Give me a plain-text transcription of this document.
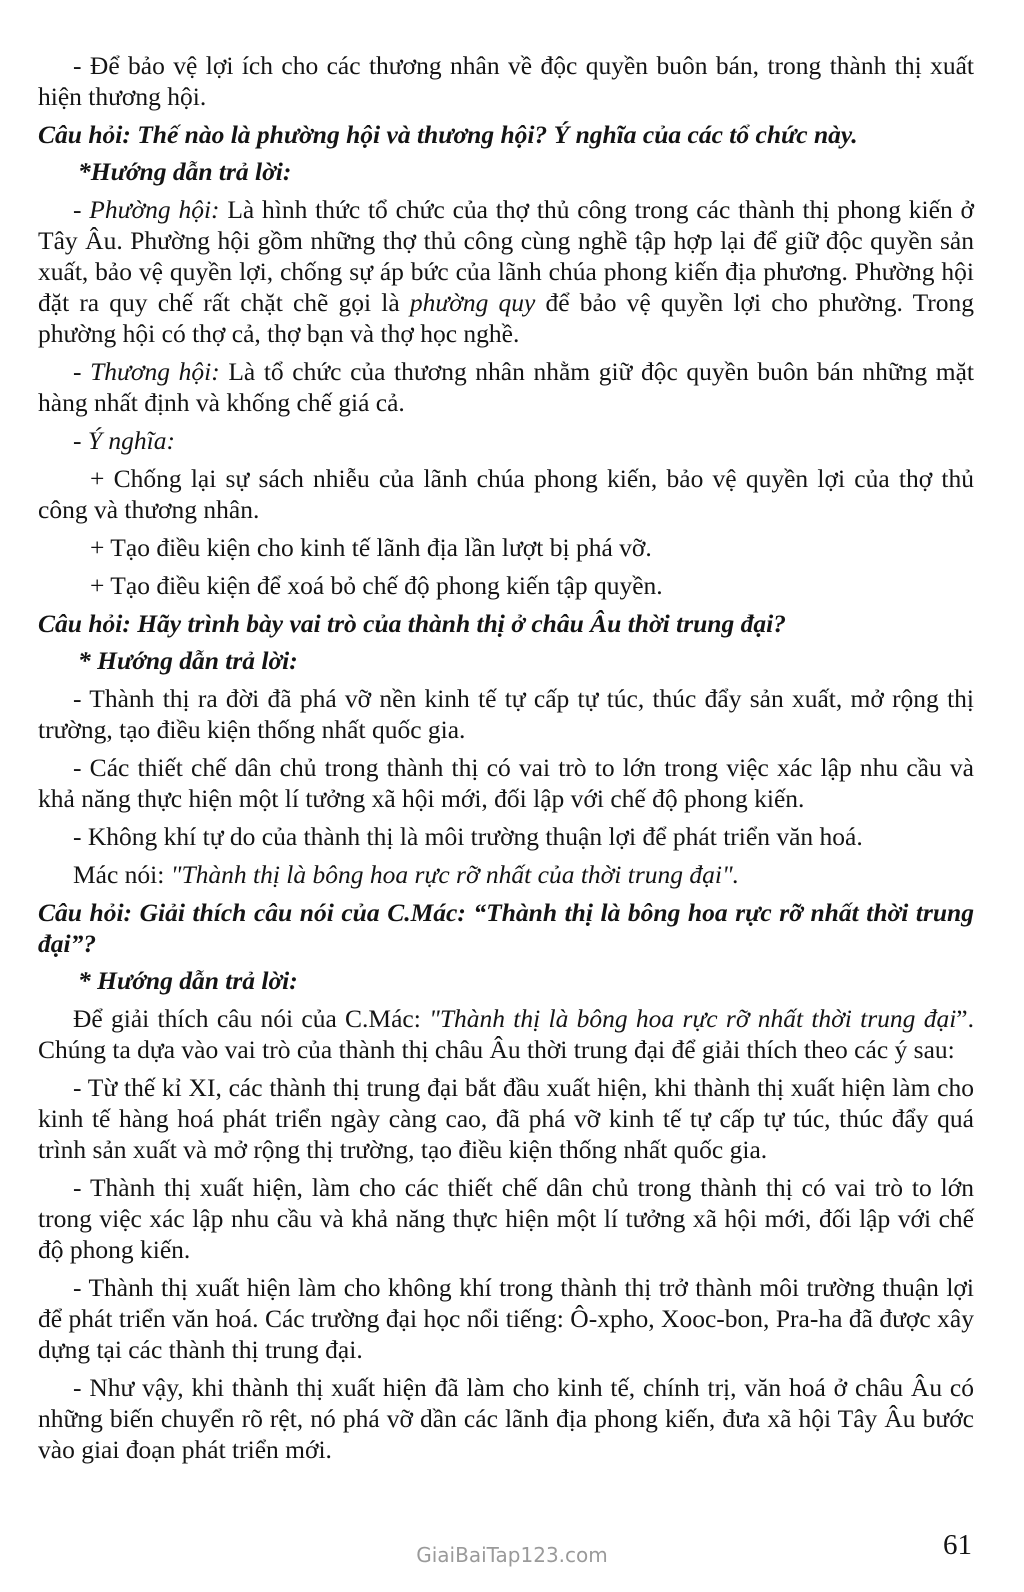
- Để bảo vệ lợi ích cho các thương nhân về độc quyền buôn bán, trong thành thị xuất hiện thương hội.

Câu hỏi: Thế nào là phường hội và thương hội? Ý nghĩa của các tổ chức này.

*Hướng dẫn trả lời:

- Phường hội: Là hình thức tổ chức của thợ thủ công trong các thành thị phong kiến ở Tây Âu. Phường hội gồm những thợ thủ công cùng nghề tập hợp lại để giữ độc quyền sản xuất, bảo vệ quyền lợi, chống sự áp bức của lãnh chúa phong kiến địa phương. Phường hội đặt ra quy chế rất chặt chẽ gọi là phường quy để bảo vệ quyền lợi cho phường. Trong phường hội có thợ cả, thợ bạn và thợ học nghề.

- Thương hội: Là tổ chức của thương nhân nhằm giữ độc quyền buôn bán những mặt hàng nhất định và khống chế giá cả.

- Ý nghĩa:

+ Chống lại sự sách nhiễu của lãnh chúa phong kiến, bảo vệ quyền lợi của thợ thủ công và thương nhân.

+ Tạo điều kiện cho kinh tế lãnh địa lần lượt bị phá vỡ.

+ Tạo điều kiện để xoá bỏ chế độ phong kiến tập quyền.

Câu hỏi: Hãy trình bày vai trò của thành thị ở châu Âu thời trung đại?

* Hướng dẫn trả lời:

- Thành thị ra đời đã phá vỡ nền kinh tế tự cấp tự túc, thúc đẩy sản xuất, mở rộng thị trường, tạo điều kiện thống nhất quốc gia.

- Các thiết chế dân chủ trong thành thị có vai trò to lớn trong việc xác lập nhu cầu và khả năng thực hiện một lí tưởng xã hội mới, đối lập với chế độ phong kiến.

- Không khí tự do của thành thị là môi trường thuận lợi để phát triển văn hoá.

Mác nói: "Thành thị là bông hoa rực rỡ nhất của thời trung đại".

Câu hỏi: Giải thích câu nói của C.Mác: “Thành thị là bông hoa rực rỡ nhất thời trung đại”?

* Hướng dẫn trả lời:

Để giải thích câu nói của C.Mác: "Thành thị là bông hoa rực rỡ nhất thời trung đại”. Chúng ta dựa vào vai trò của thành thị châu Âu thời trung đại để giải thích theo các ý sau:

- Từ thế kỉ XI, các thành thị trung đại bắt đầu xuất hiện, khi thành thị xuất hiện làm cho kinh tế hàng hoá phát triển ngày càng cao, đã phá vỡ kinh tế tự cấp tự túc, thúc đẩy quá trình sản xuất và mở rộng thị trường, tạo điều kiện thống nhất quốc gia.

- Thành thị xuất hiện, làm cho các thiết chế dân chủ trong thành thị có vai trò to lớn trong việc xác lập nhu cầu và khả năng thực hiện một lí tưởng xã hội mới, đối lập với chế độ phong kiến.

- Thành thị xuất hiện làm cho không khí trong thành thị trở thành môi trường thuận lợi để phát triển văn hoá. Các trường đại học nổi tiếng: Ô-xpho, Xooc-bon, Pra-ha đã được xây dựng tại các thành thị trung đại.

- Như vậy, khi thành thị xuất hiện đã làm cho kinh tế, chính trị, văn hoá ở châu Âu có những biến chuyển rõ rệt, nó phá vỡ dần các lãnh địa phong kiến, đưa xã hội Tây Âu bước vào giai đoạn phát triển mới.

61

GiaiBaiTap123.com
